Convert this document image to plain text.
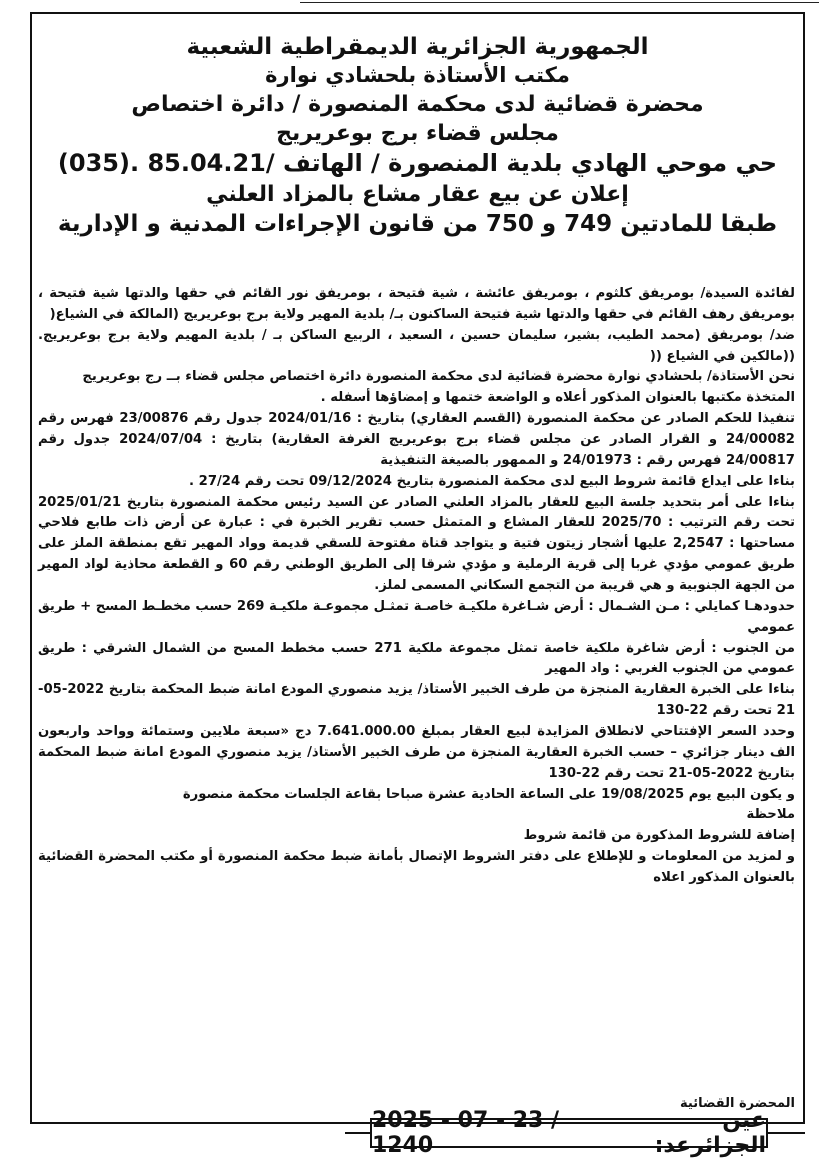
الجمهورية الجزائرية الديمقراطية الشعبية
مكتب الأستاذة بلحشادي نوارة
محضرة قضائية لدى محكمة المنصورة / دائرة اختصاص
مجلس قضاء برج بوعريريج
حي موحي الهادي بلدية المنصورة / الهاتف /85.04.21 .(035)
إعلان عن بيع عقار مشاع بالمزاد العلني
طبقا للمادتين 749 و 750 من قانون الإجراءات المدنية و الإدارية

لفائدة السيدة/ بومريفق كلثوم ، بومريفق عائشة ، شية فتيحة ، بومريفق نور القائم في حقها والدتها شية فتيحة ، بومريفق رهف القائم في حقها والدتها شية فتيحة الساكنون بـ/ بلدية المهير ولاية برج بوعريريج (المالكة في الشياع(

ضد/ بومريفق (محمد الطيب، بشير، سليمان حسين ، السعيد ، الربيع الساكن بـ / بلدية المهيم ولاية برج بوعريريج. ((مالكين في الشياع ((

نحن الأستاذة/ بلحشادي نوارة محضرة قضائية لدى محكمة المنصورة دائرة اختصاص مجلس قضاء بــ رج بوعريريج

المتخذة مكتبها بالعنوان المذكور أعلاه و الواضعة ختمها و إمضاؤها أسفله .

تنفيذا للحكم الصادر عن محكمة المنصورة (القسم العقاري) بتاريخ : 2024/01/16 جدول رقم 23/00876 فهرس رقم 24/00082 و القرار الصادر عن مجلس قضاء برج بوعريريج الغرفة العقارية) بتاريخ : 2024/07/04 جدول رقم 24/00817 فهرس رقم : 24/01973 و الممهور بالصيغة التنفيذية

بناءا على ايداع قائمة شروط البيع لدى محكمة المنصورة بتاريخ 09/12/2024 تحت رقم 27/24 .

بناءا على أمر بتحديد جلسة البيع للعقار بالمزاد العلني الصادر عن السيد رئيس محكمة المنصورة بتاريخ 2025/01/21 تحت رقم الترتيب : 2025/70 للعقار المشاع و المتمثل حسب تقرير الخبرة في : عبارة عن أرض ذات طابع فلاحي مساحتها : 2,2547 عليها أشجار زيتون فتية و يتواجد قناة مفتوحة للسقي قديمة وواد المهير تقع بمنطقة الملز على طريق عمومي مؤدي غربا إلى قرية الرملية و مؤدي شرقا إلى الطريق الوطني رقم 60 و القطعة محاذية لواد المهير من الجهة الجنوبية و هي قريبة من التجمع السكاني المسمى لملز.

حدودهـا كمايلي : مـن الشـمال : أرض شـاغرة ملكيـة خاصـة تمثـل مجموعـة ملكيـة 269 حسب مخطـط المسح + طريق عمومي

من الجنوب : أرض شاغرة ملكية خاصة تمثل مجموعة ملكية 271 حسب مخطط المسح من الشمال الشرقي : طريق عمومي من الجنوب الغربي : واد المهير

بناءا على الخبرة العقارية المنجزة من طرف الخبير الأستاذ/ يزيد منصوري المودع امانة ضبط المحكمة بتاريخ 2022-05-21 تحت رقم 22-130

وحدد السعر الإفتتاحي لانطلاق المزايدة لبيع العقار بمبلغ 7.641.000.00 دج «سبعة ملايين وستمائة وواحد واربعون الف دينار جزائري – حسب الخبرة العقارية المنجزة من طرف الخبير الأستاذ/ يزيد منصوري المودع امانة ضبط المحكمة بتاريخ 2022-05-21 تحت رقم 22-130

و يكون البيع يوم 19/08/2025 على الساعة الحادية عشرة صباحا بقاعة الجلسات محكمة منصورة

ملاحظة

إضافة للشروط المذكورة من قائمة شروط

و لمزيد من المعلومات و للإطلاع على دفتر الشروط الإتصال بأمانة ضبط محكمة المنصورة أو مكتب المحضرة القضائية بالعنوان المذكور اعلاه

المحضرة القضائية
عين الجزائرعد:
2025 - 07 - 23 / 1240
